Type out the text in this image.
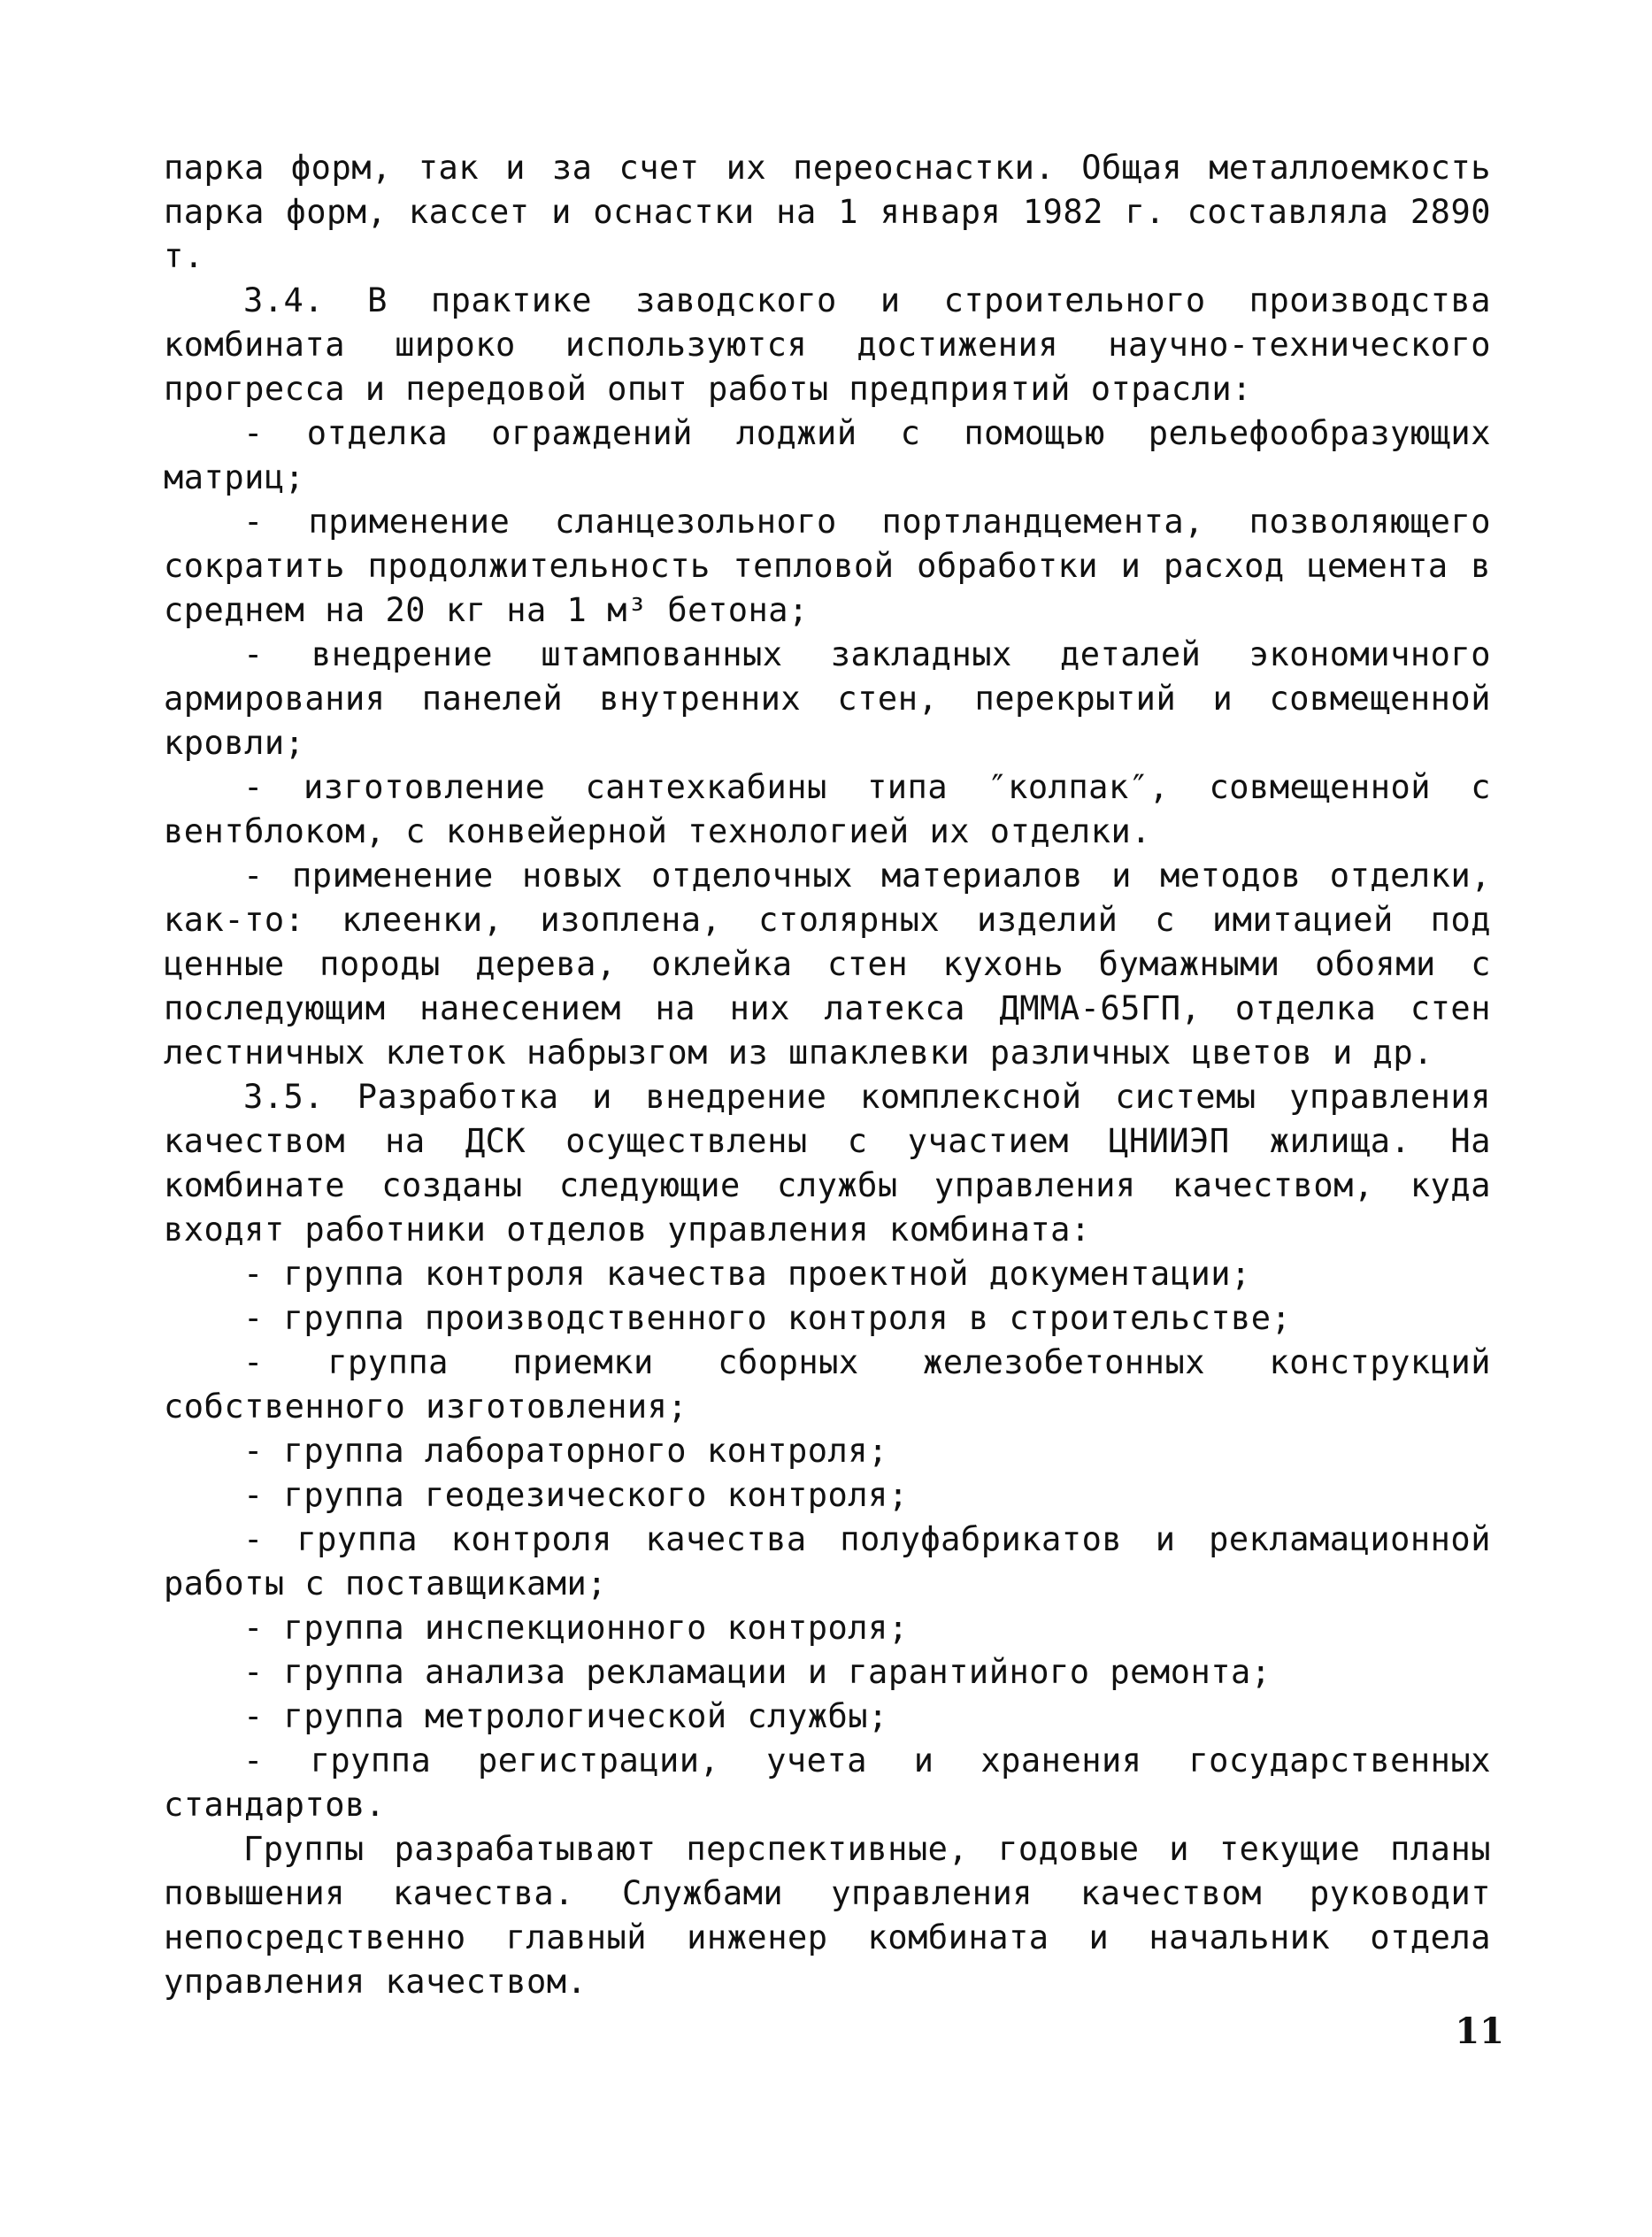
парка форм, так и за счет их переоснастки. Общая металлоемкость парка форм, кассет и оснастки на 1 января 1982 г. составляла 2890 т.

3.4. В практике заводского и строительного производства комбината широко используются достижения научно-технического прогресса и передовой опыт работы предприятий отрасли:

- отделка ограждений лоджий с помощью рельефообразующих матриц;

- применение сланцезольного портландцемента, позволяющего сократить продолжительность тепловой обработки и расход цемента в среднем на 20 кг на 1 м³ бетона;

- внедрение штампованных закладных деталей экономичного армирования панелей внутренних стен, перекрытий и совмещенной кровли;

- изготовление сантехкабины типа ″колпак″, совмещенной с вентблоком, с конвейерной технологией их отделки.

- применение новых отделочных материалов и методов отделки, как-то: клеенки, изоплена, столярных изделий с имитацией под ценные породы дерева, оклейка стен кухонь бумажными обоями с последующим нанесением на них латекса ДММА-65ГП, отделка стен лестничных клеток набрызгом из шпаклевки различных цветов и др.

3.5. Разработка и внедрение комплексной системы управления качеством на ДСК осуществлены с участием ЦНИИЭП жилища. На комбинате созданы следующие службы управления качеством, куда входят работники отделов управления комбината:

- группа контроля качества проектной документации;

- группа производственного контроля в строительстве;

- группа приемки сборных железобетонных конструкций собственного изготовления;

- группа лабораторного контроля;

- группа геодезического контроля;

- группа контроля качества полуфабрикатов и рекламационной работы с поставщиками;

- группа инспекционного контроля;

- группа анализа рекламации и гарантийного ремонта;

- группа метрологической службы;

- группа регистрации, учета и хранения государственных стандартов.

Группы разрабатывают перспективные, годовые и текущие планы повышения качества. Службами управления качеством руководит непосредственно главный инженер комбината и начальник отдела управления качеством.

11
